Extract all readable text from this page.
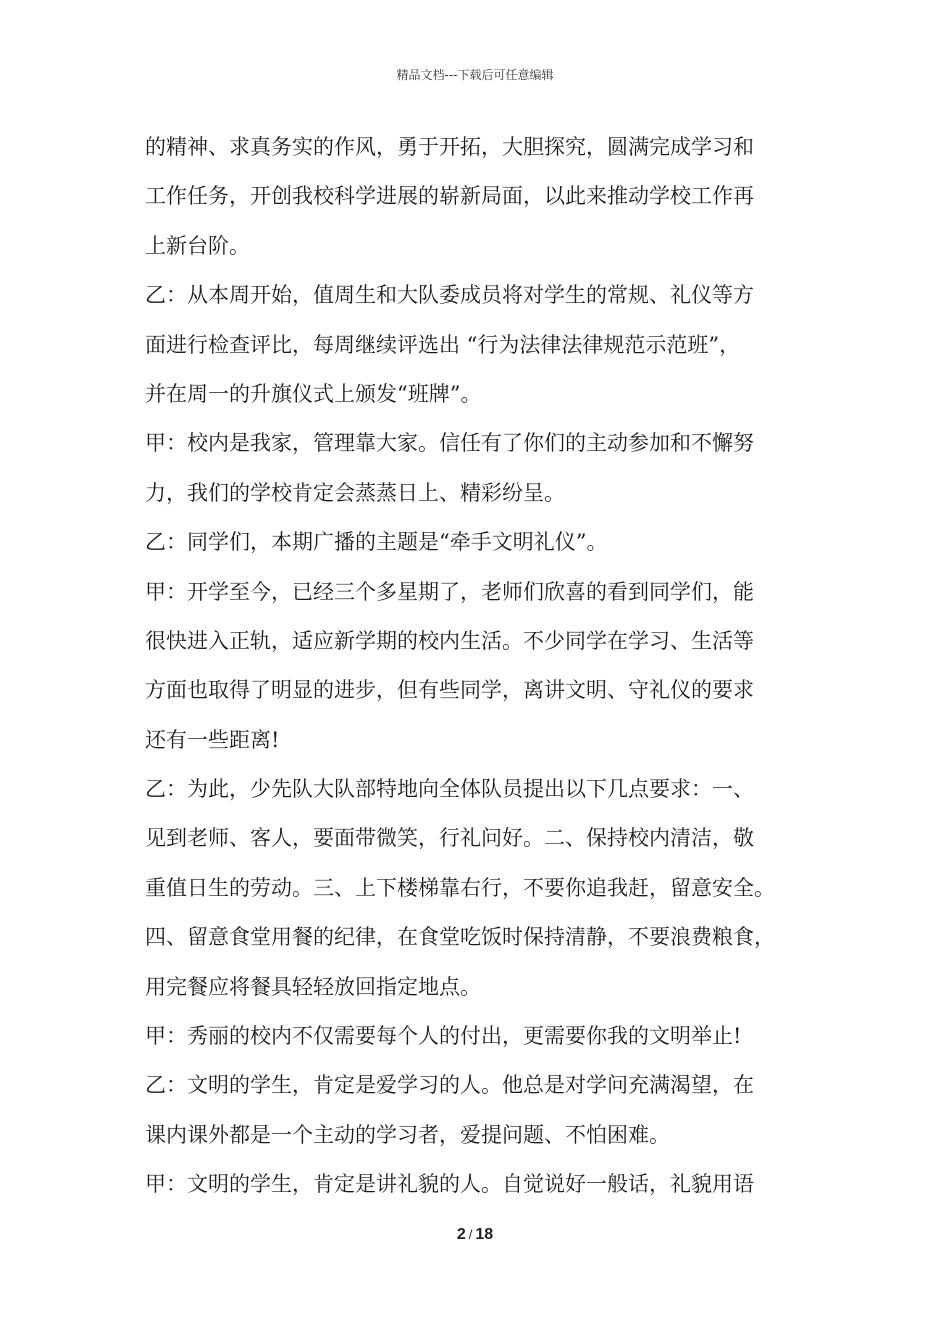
精品文档---下载后可任意编辑
的精神、求真务实的作风，勇于开拓，大胆探究，圆满完成学习和
工作任务，开创我校科学进展的崭新局面，以此来推动学校工作再
上新台阶。
乙：从本周开始，值周生和大队委成员将对学生的常规、礼仪等方
面进行检查评比，每周继续评选出 “行为法律法律规范示范班”，
并在周一的升旗仪式上颁发“班牌”。
甲：校内是我家，管理靠大家。信任有了你们的主动参加和不懈努
力，我们的学校肯定会蒸蒸日上、精彩纷呈。
乙：同学们，本期广播的主题是“牵手文明礼仪”。
甲：开学至今，已经三个多星期了，老师们欣喜的看到同学们，能
很快进入正轨，适应新学期的校内生活。不少同学在学习、生活等
方面也取得了明显的进步，但有些同学，离讲文明、守礼仪的要求
还有一些距离!
乙：为此，少先队大队部特地向全体队员提出以下几点要求：一、
见到老师、客人，要面带微笑，行礼问好。二、保持校内清洁，敬
重值日生的劳动。三、上下楼梯靠右行，不要你追我赶，留意安全。
四、留意食堂用餐的纪律，在食堂吃饭时保持清静，不要浪费粮食，
用完餐应将餐具轻轻放回指定地点。
甲：秀丽的校内不仅需要每个人的付出，更需要你我的文明举止!
乙：文明的学生，肯定是爱学习的人。他总是对学问充满渴望，在
课内课外都是一个主动的学习者，爱提问题、不怕困难。
甲：文明的学生，肯定是讲礼貌的人。自觉说好一般话，礼貌用语
2 / 18
